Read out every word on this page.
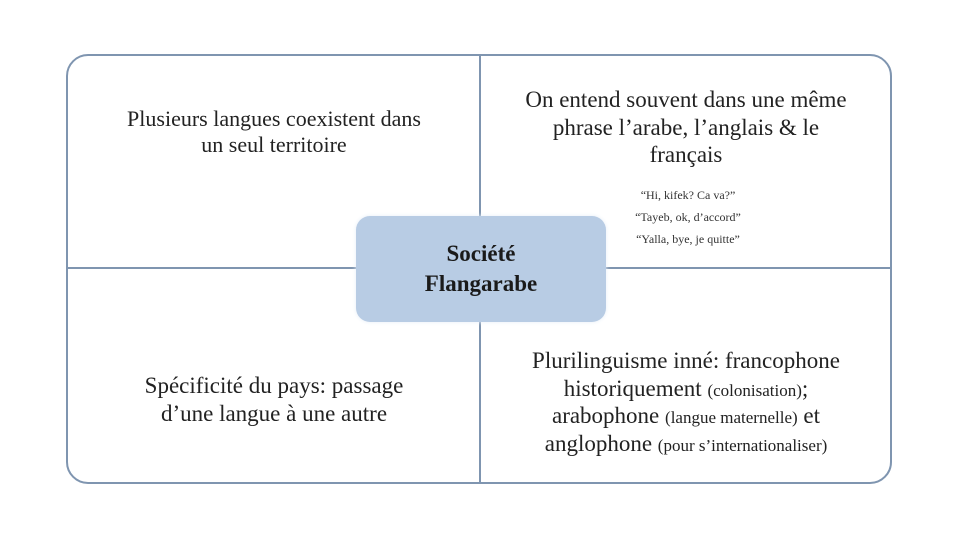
Plusieurs langues coexistent dans
un seul territoire
On entend souvent dans une même
phrase l’arabe, l’anglais & le
français
“Hi, kifek? Ca va?”
“Tayeb, ok, d’accord”
“Yalla, bye, je quitte”
Spécificité du pays: passage
d’une langue à une autre
Plurilinguisme inné: francophone
historiquement (colonisation);
arabophone (langue maternelle) et
anglophone (pour s’internationaliser)
Société
Flangarabe
